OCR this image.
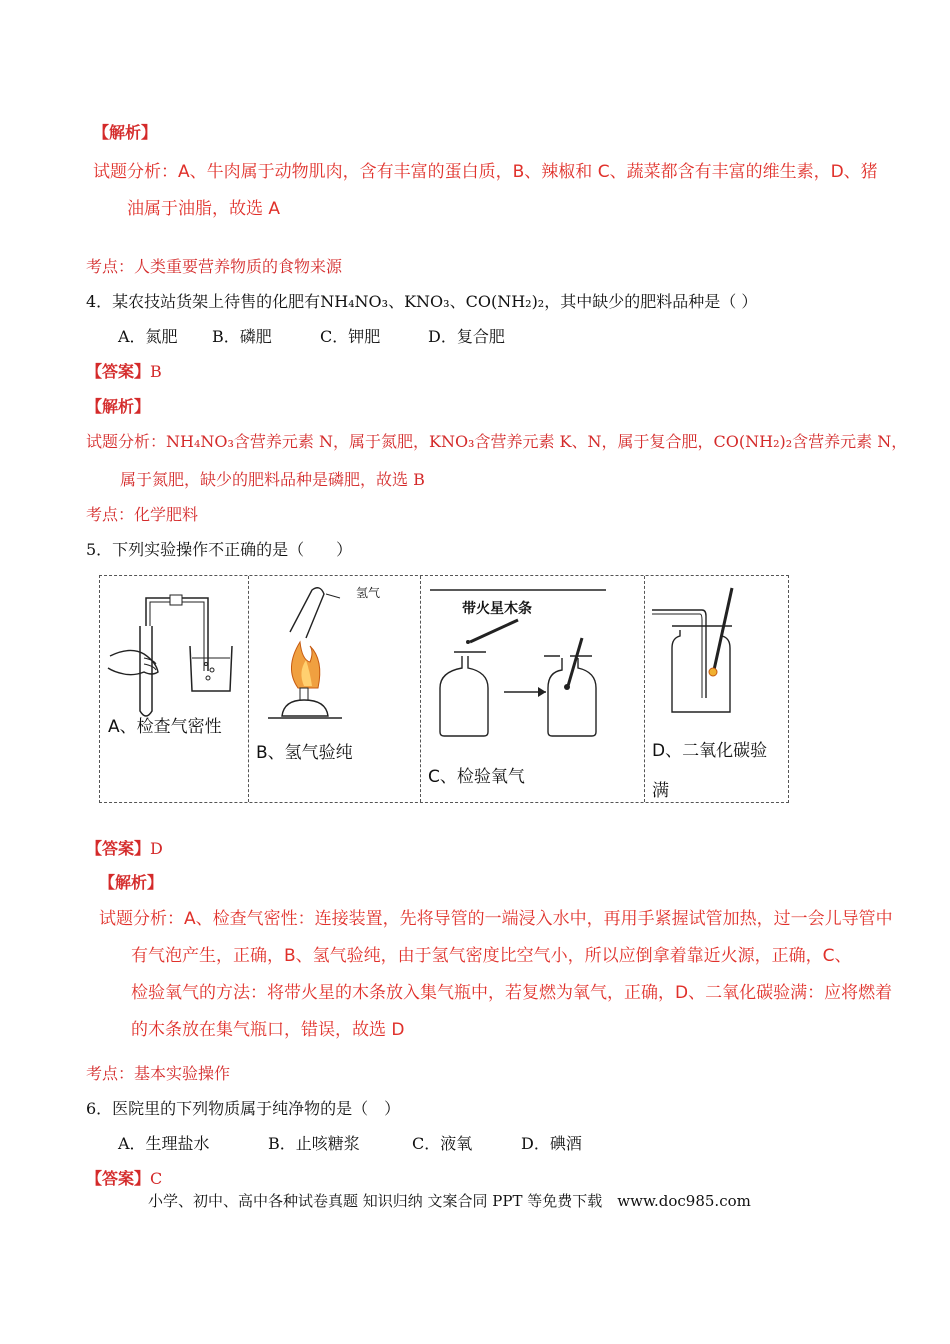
【解析】
试题分析：A、牛肉属于动物肌肉，含有丰富的蛋白质，B、辣椒和 C、蔬菜都含有丰富的维生素，D、猪
油属于油脂，故选 A
考点：人类重要营养物质的食物来源
4．某农技站货架上待售的化肥有NH₄NO₃、KNO₃、CO(NH₂)₂，其中缺少的肥料品种是（ ）
A．氮肥 B．磷肥	C．钾肥	D．复合肥
【答案】B
【解析】
试题分析：NH₄NO₃含营养元素 N，属于氮肥，KNO₃含营养元素 K、N，属于复合肥，CO(NH₂)₂含营养元素 N，
属于氮肥，缺少的肥料品种是磷肥，故选 B
考点：化学肥料
5．下列实验操作不正确的是（　　）
A、检查气密性
氢气
B、氢气验纯
带火星木条
C、检验氧气
D、二氧化碳验
满
【答案】D
【解析】
试题分析：A、检查气密性：连接装置，先将导管的一端浸入水中，再用手紧握试管加热，过一会儿导管中
有气泡产生，正确，B、氢气验纯，由于氢气密度比空气小，所以应倒拿着靠近火源，正确，C、
检验氧气的方法：将带火星的木条放入集气瓶中，若复燃为氧气，正确，D、二氧化碳验满：应将燃着
的木条放在集气瓶口，错误，故选 D
考点：基本实验操作
6．医院里的下列物质属于纯净物的是（　）
A．生理盐水	B．止咳糖浆	C．液氧	D．碘酒
【答案】C
小学、初中、高中各种试卷真题 知识归纳 文案合同 PPT 等免费下载　www.doc985.com
